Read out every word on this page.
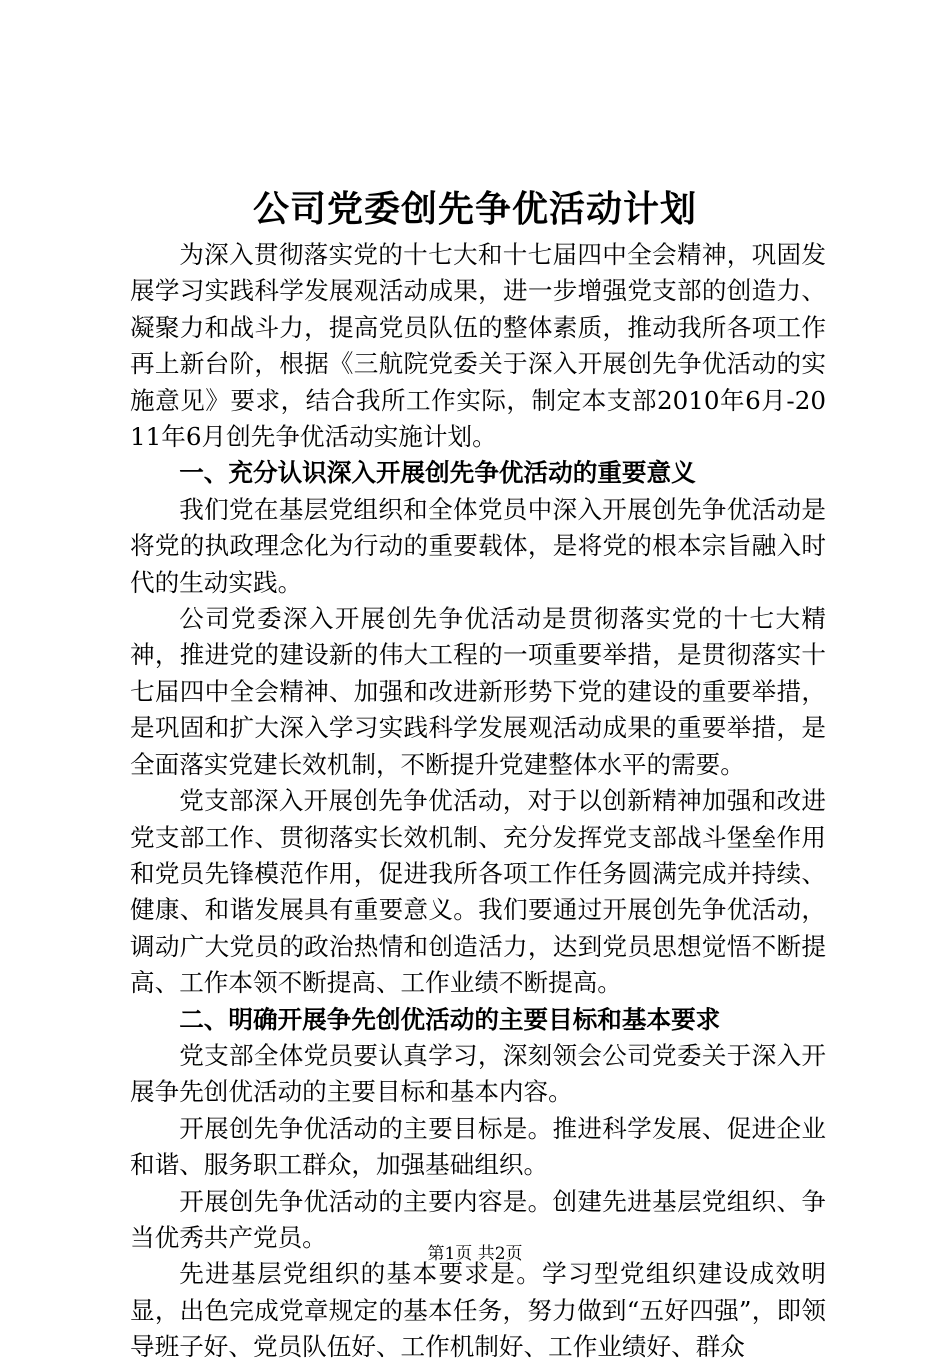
公司党委创先争优活动计划

为深入贯彻落实党的十七大和十七届四中全会精神，巩固发展学习实践科学发展观活动成果，进一步增强党支部的创造力、凝聚力和战斗力，提高党员队伍的整体素质，推动我所各项工作再上新台阶，根据《三航院党委关于深入开展创先争优活动的实施意见》要求，结合我所工作实际，制定本支部2010年6月-2011年6月创先争优活动实施计划。

一、充分认识深入开展创先争优活动的重要意义

我们党在基层党组织和全体党员中深入开展创先争优活动是将党的执政理念化为行动的重要载体，是将党的根本宗旨融入时代的生动实践。

公司党委深入开展创先争优活动是贯彻落实党的十七大精神，推进党的建设新的伟大工程的一项重要举措，是贯彻落实十七届四中全会精神、加强和改进新形势下党的建设的重要举措，是巩固和扩大深入学习实践科学发展观活动成果的重要举措，是全面落实党建长效机制，不断提升党建整体水平的需要。

党支部深入开展创先争优活动，对于以创新精神加强和改进党支部工作、贯彻落实长效机制、充分发挥党支部战斗堡垒作用和党员先锋模范作用，促进我所各项工作任务圆满完成并持续、健康、和谐发展具有重要意义。我们要通过开展创先争优活动，调动广大党员的政治热情和创造活力，达到党员思想觉悟不断提高、工作本领不断提高、工作业绩不断提高。

二、明确开展争先创优活动的主要目标和基本要求

党支部全体党员要认真学习，深刻领会公司党委关于深入开展争先创优活动的主要目标和基本内容。

开展创先争优活动的主要目标是。推进科学发展、促进企业和谐、服务职工群众，加强基础组织。

开展创先争优活动的主要内容是。创建先进基层党组织、争当优秀共产党员。

先进基层党组织的基本要求是。学习型党组织建设成效明显，出色完成党章规定的基本任务，努力做到“五好四强”，即领导班子好、党员队伍好、工作机制好、工作业绩好、群众

第1页 共2页
